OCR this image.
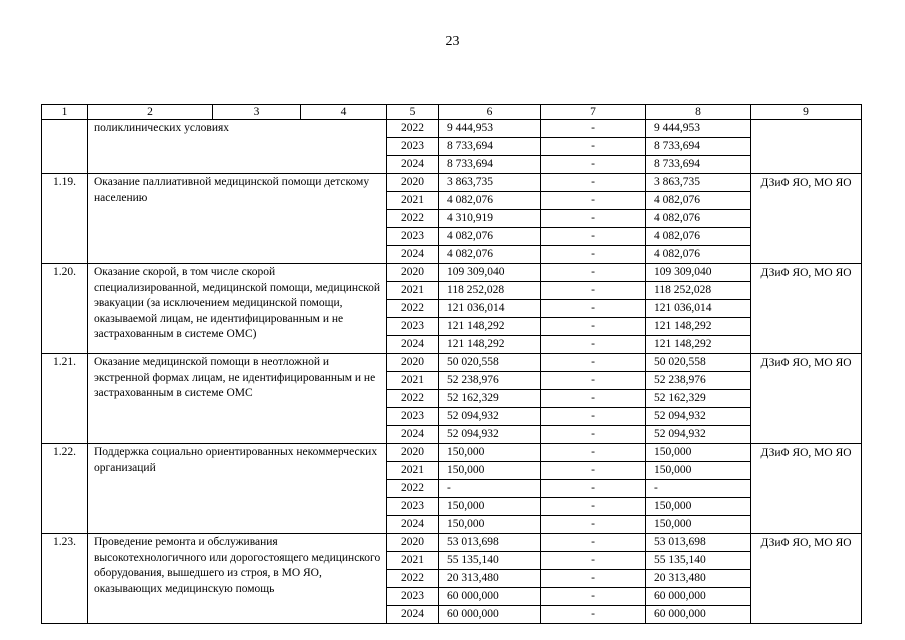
23
1	2	3	4	5	6	7	8	9
	поликлинических условиях			2022	9 444,953	-	9 444,953	
				2023	8 733,694	-	8 733,694	
				2024	8 733,694	-	8 733,694	
1.19.	Оказание паллиативной медицинской помощи детскому населению			2020	3 863,735	-	3 863,735	ДЗиФ ЯО, МО ЯО
				2021	4 082,076	-	4 082,076	
				2022	4 310,919	-	4 082,076	
				2023	4 082,076	-	4 082,076	
				2024	4 082,076	-	4 082,076	
1.20.	Оказание скорой, в том числе скорой специализированной, медицинской помощи, медицинской эвакуации (за исключением медицинской помощи, оказываемой лицам, не идентифицированным и не застрахованным в системе ОМС)			2020	109 309,040	-	109 309,040	ДЗиФ ЯО, МО ЯО
				2021	118 252,028	-	118 252,028	
				2022	121 036,014	-	121 036,014	
				2023	121 148,292	-	121 148,292	
				2024	121 148,292	-	121 148,292	
1.21.	Оказание медицинской помощи в неотложной и экстренной формах лицам, не идентифицированным и не застрахованным в системе ОМС			2020	50 020,558	-	50 020,558	ДЗиФ ЯО, МО ЯО
				2021	52 238,976	-	52 238,976	
				2022	52 162,329	-	52 162,329	
				2023	52 094,932	-	52 094,932	
				2024	52 094,932	-	52 094,932	
1.22.	Поддержка социально ориентированных некоммерческих организаций			2020	150,000	-	150,000	ДЗиФ ЯО, МО ЯО
				2021	150,000	-	150,000	
				2022	-	-	-	
				2023	150,000	-	150,000	
				2024	150,000	-	150,000	
1.23.	Проведение ремонта и обслуживания высокотехнологичного или дорогостоящего медицинского оборудования, вышедшего из строя, в МО ЯО, оказывающих медицинскую помощь			2020	53 013,698	-	53 013,698	ДЗиФ ЯО, МО ЯО
				2021	55 135,140	-	55 135,140	
				2022	20 313,480	-	20 313,480	
				2023	60 000,000	-	60 000,000	
				2024	60 000,000	-	60 000,000	
